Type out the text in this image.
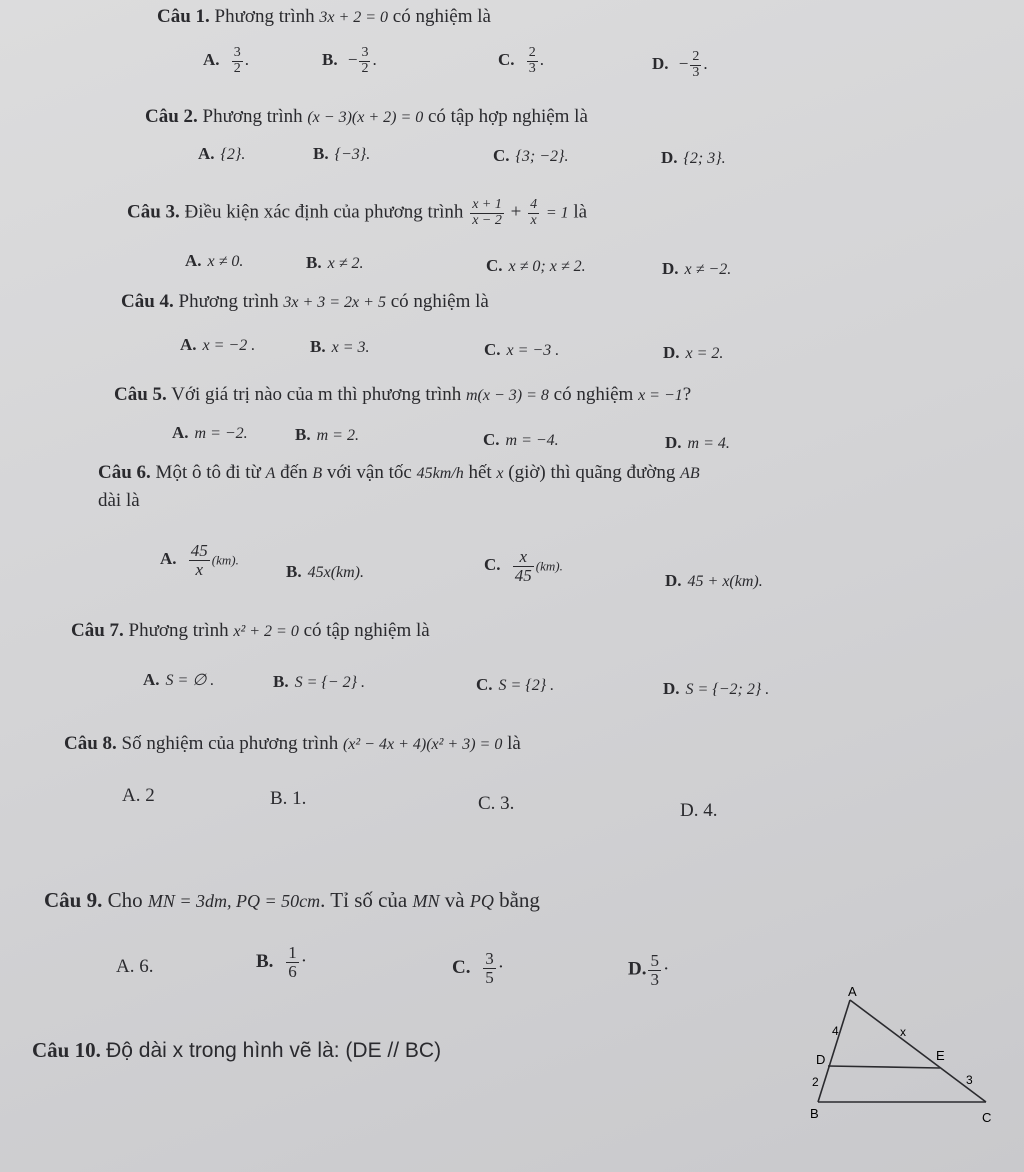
Câu 1. Phương trình 3x + 2 = 0 có nghiệm là
A. $\frac{3}{2}$ .	B. − $\frac{3}{2}$ .	C. $\frac{2}{3}$ .	D. − $\frac{2}{3}$ .
Câu 2. Phương trình (x − 3)(x + 2) = 0 có tập hợp nghiệm là
A. {2}.	B. {−3}.	C. {3; −2}.	D. {2; 3}.
Câu 3. Điều kiện xác định của phương trình $\frac{x + 1}{x - 2} + \frac{4}{x} = 1$ là
A. x ≠ 0.	B. x ≠ 2.	C. x ≠ 0; x ≠ 2.	D. x ≠ −2.
Câu 4. Phương trình 3x + 3 = 2x + 5 có nghiệm là
A. x = −2 .	B. x = 3.	C. x = −3 .	D. x = 2.
Câu 5. Với giá trị nào của m thì phương trình m(x − 3) = 8 có nghiệm x = −1?
A. m = −2.	B. m = 2.	C. m = −4.	D. m = 4.
Câu 6. Một ô tô đi từ A đến B với vận tốc 45km/h hết x (giờ) thì quãng đường AB
dài là
A. $\frac{45}{x} (km)$.
B. 45x(km).	C. $\frac{x}{45} (km)$.
D. 45 + x(km).
Câu 7. Phương trình x² + 2 = 0 có tập nghiệm là
A. S = ∅ .	B. S = {− 2} .	C. S = {2} .	D. S = {−2; 2} .
Câu 8. Số nghiệm của phương trình (x² − 4x + 4)(x² + 3) = 0 là
A. 2	B. 1.	C. 3.	D. 4.
Câu 9. Cho MN = 3dm, PQ = 50cm. Tỉ số của MN và PQ bằng
A. 6.	B. $\frac{1}{6}$ ·	C. $\frac{3}{5}$ ·	D. $\frac{5}{3}$ ·
Câu 10. Độ dài x trong hình vẽ là: (DE // BC)
A
B	C
D	E
4	x
2	3
